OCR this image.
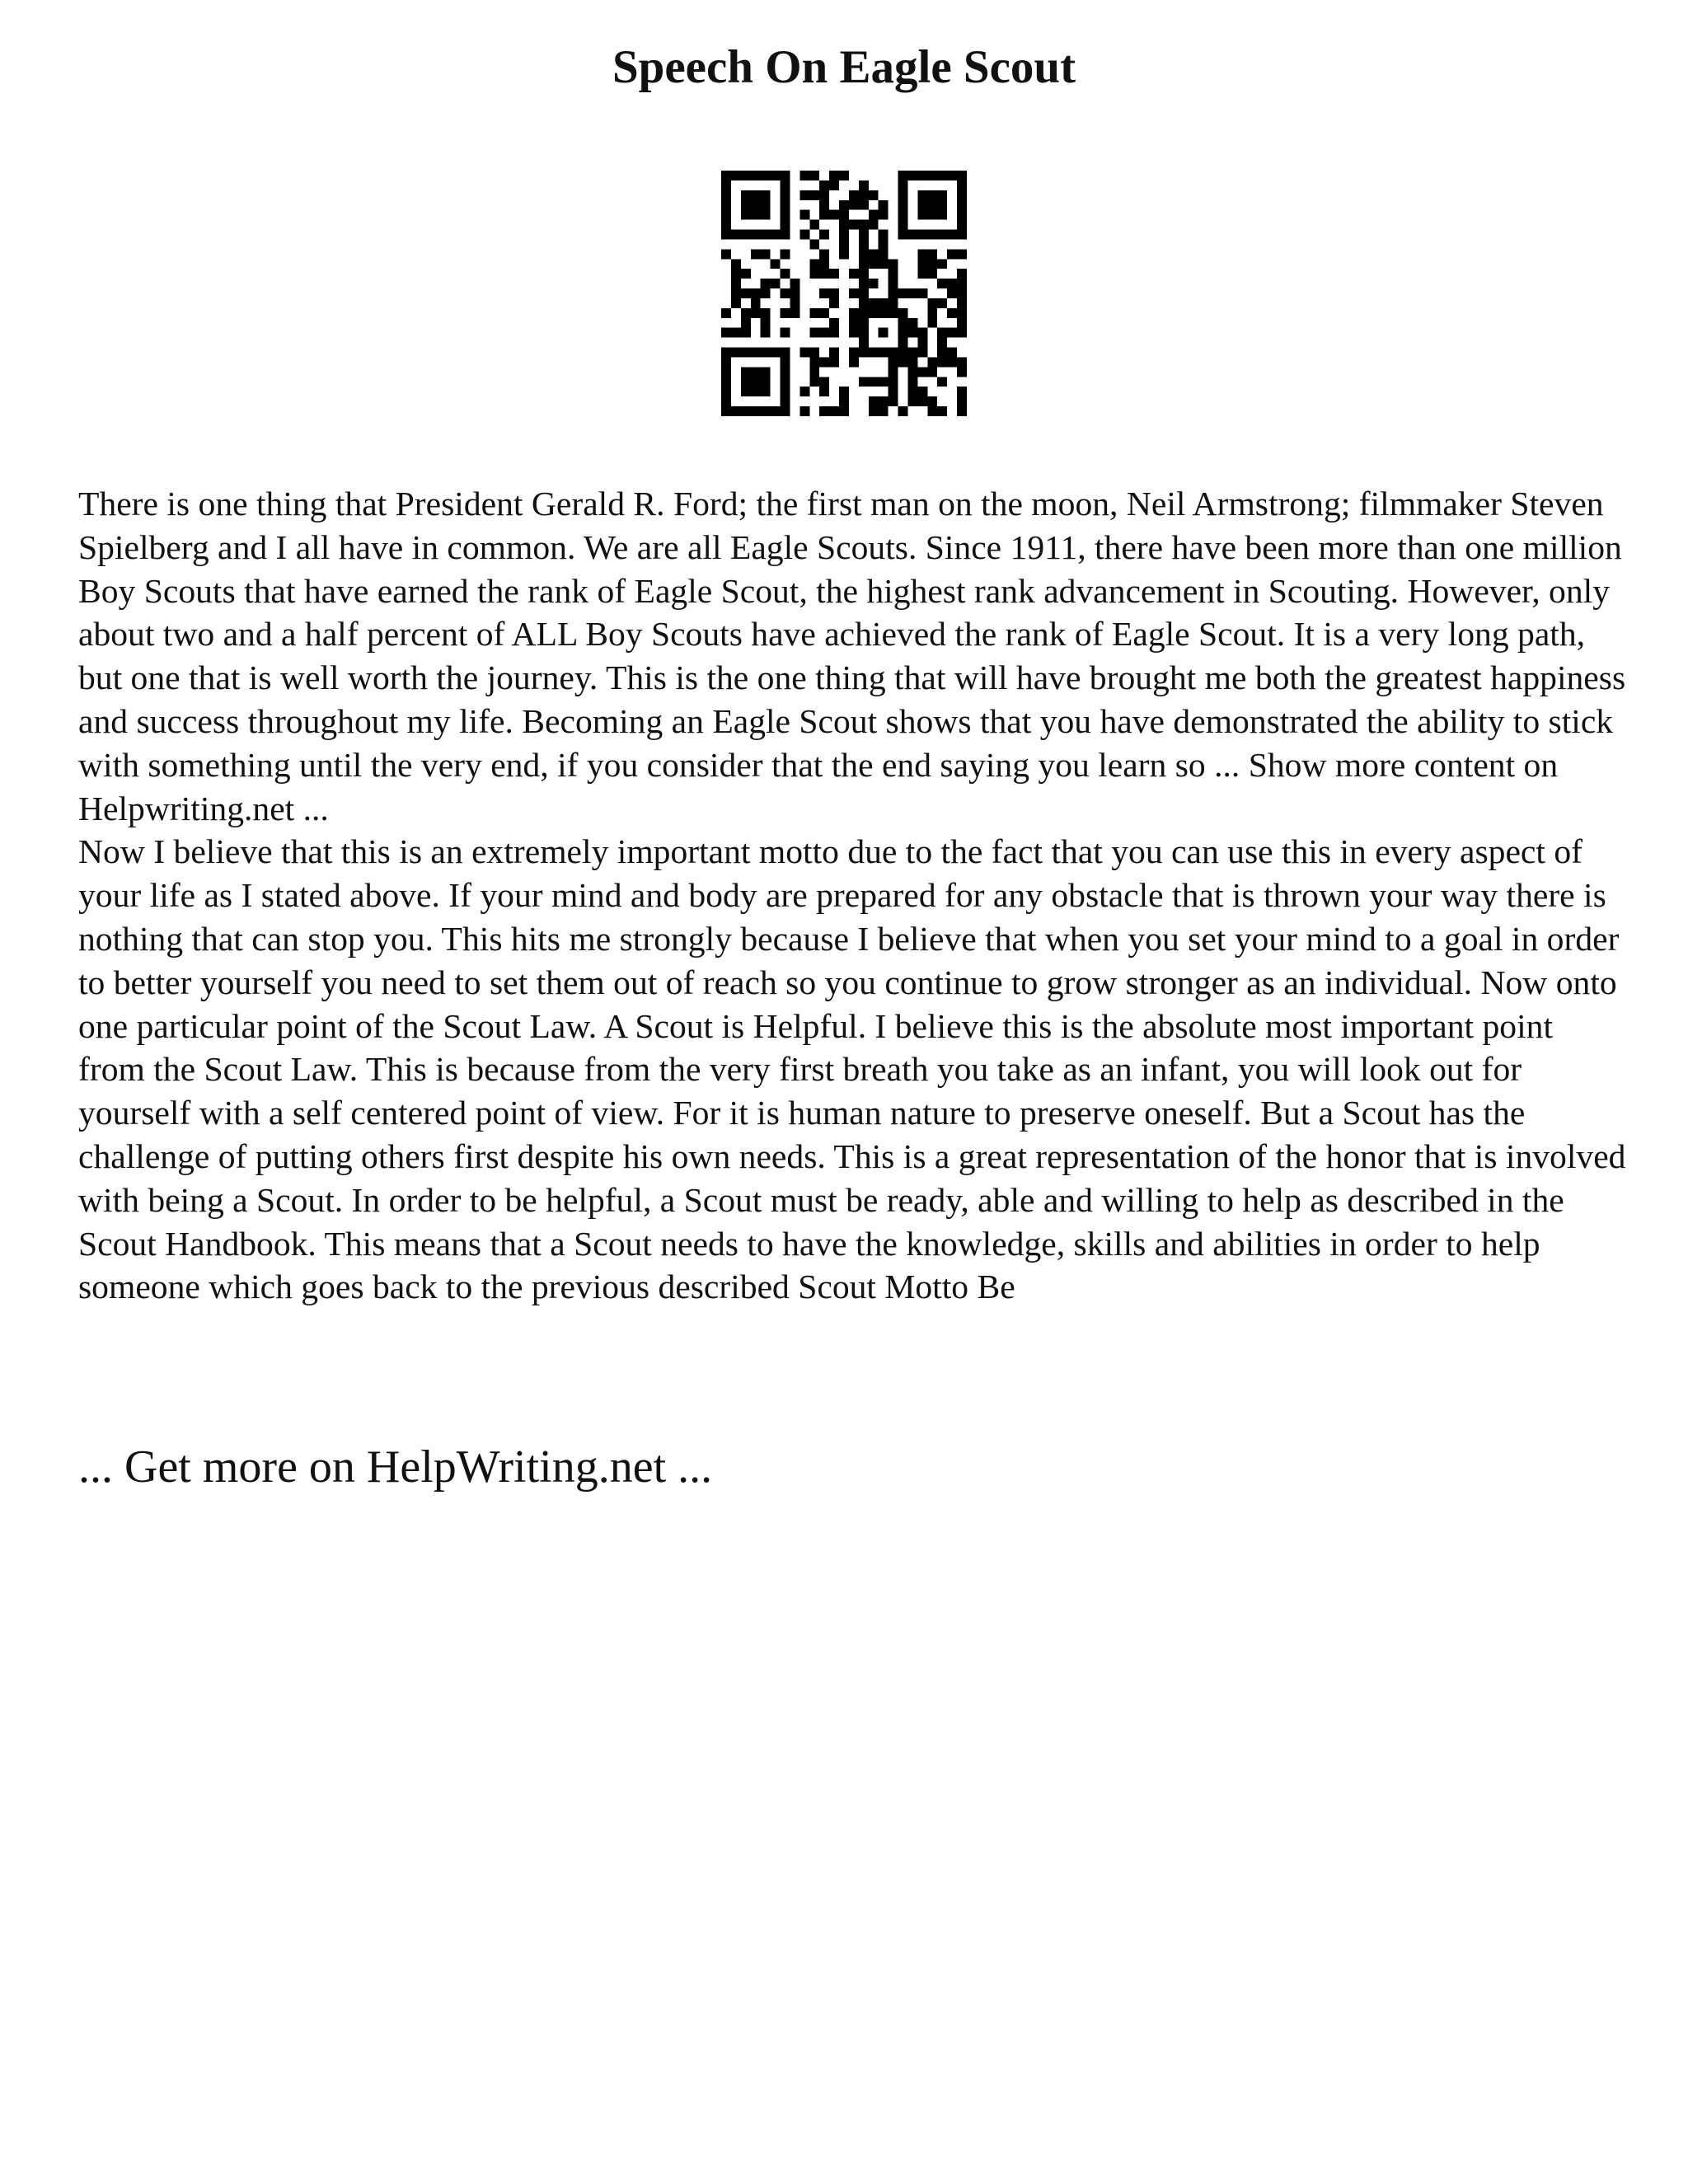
Speech On Eagle Scout

There is one thing that President Gerald R. Ford; the first man on the moon, Neil Armstrong; filmmaker Steven Spielberg and I all have in common. We are all Eagle Scouts. Since 1911, there have been more than one million Boy Scouts that have earned the rank of Eagle Scout, the highest rank advancement in Scouting. However, only about two and a half percent of ALL Boy Scouts have achieved the rank of Eagle Scout. It is a very long path, but one that is well worth the journey. This is the one thing that will have brought me both the greatest happiness and success throughout my life. Becoming an Eagle Scout shows that you have demonstrated the ability to stick with something until the very end, if you consider that the end saying you learn so ... Show more content on Helpwriting.net ...

Now I believe that this is an extremely important motto due to the fact that you can use this in every aspect of your life as I stated above. If your mind and body are prepared for any obstacle that is thrown your way there is nothing that can stop you. This hits me strongly because I believe that when you set your mind to a goal in order to better yourself you need to set them out of reach so you continue to grow stronger as an individual. Now onto one particular point of the Scout Law. A Scout is Helpful. I believe this is the absolute most important point from the Scout Law. This is because from the very first breath you take as an infant, you will look out for yourself with a self centered point of view. For it is human nature to preserve oneself. But a Scout has the challenge of putting others first despite his own needs. This is a great representation of the honor that is involved with being a Scout. In order to be helpful, a Scout must be ready, able and willing to help as described in the Scout Handbook. This means that a Scout needs to have the knowledge, skills and abilities in order to help someone which goes back to the previous described Scout Motto Be

... Get more on HelpWriting.net ...
